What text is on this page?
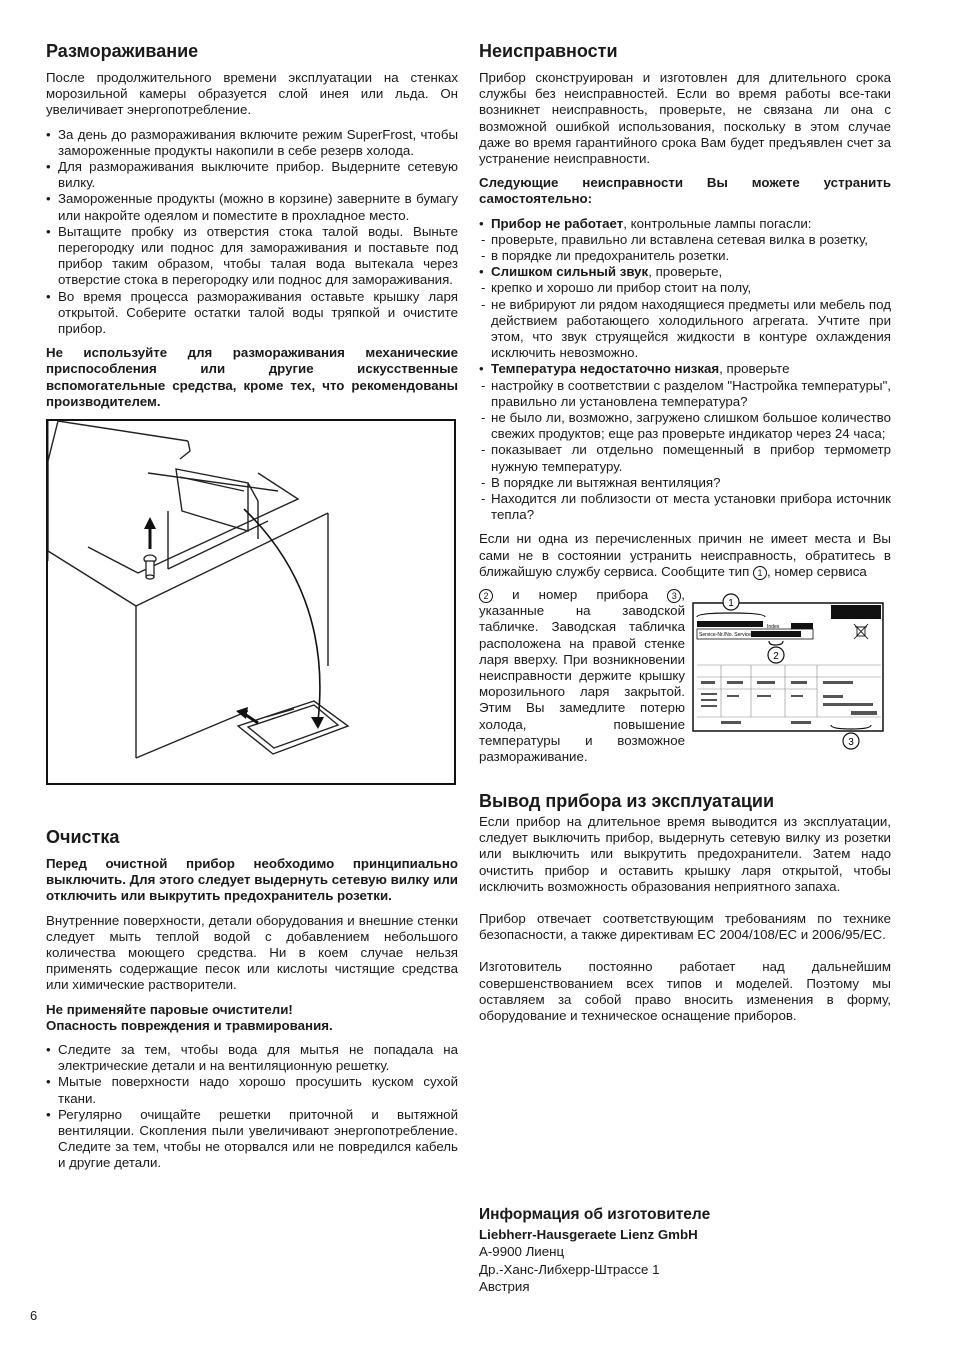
Размораживание

После продолжительного времени эксплуатации на стенках морозильной камеры образуется слой инея или льда. Он увеличивает энергопотребление.

• За день до размораживания включите режим SuperFrost, чтобы замороженные продукты накопили в себе резерв холода.
• Для размораживания выключите прибор. Выдерните сетевую вилку.
• Замороженные продукты (можно в корзине) заверните в бумагу или накройте одеялом и поместите в прохладное место.
• Вытащите пробку из отверстия стока талой воды. Выньте перегородку или поднос для замораживания и поставьте под прибор таким образом, чтобы талая вода вытекала через отверстие стока в перегородку или поднос для замораживания.
• Во время процесса размораживания оставьте крышку ларя открытой. Соберите остатки талой воды тряпкой и очистите прибор.

Не используйте для размораживания механические приспособления или другие искусственные вспомогательные средства, кроме тех, что рекомендованы производителем.

Очистка

Перед очистной прибор необходимо принципиально выключить. Для этого следует выдернуть сетевую вилку или отключить или выкрутить предохранитель розетки.

Внутренние поверхности, детали оборудования и внешние стенки следует мыть теплой водой с добавлением небольшого количества моющего средства. Ни в коем случае нельзя применять содержащие песок или кислоты чистящие средства или химические растворители.

Не применяйте паровые очистители!
Опасность повреждения и травмирования.

• Следите за тем, чтобы вода для мытья не попадала на электрические детали и на вентиляционную решетку.
• Мытые поверхности надо хорошо просушить куском сухой ткани.
• Регулярно очищайте решетки приточной и вытяжной вентиляции. Скопления пыли увеличивают энергопотребление. Следите за тем, чтобы не оторвался или не повредился кабель и другие детали.
Неисправности

Прибор сконструирован и изготовлен для длительного срока службы без неисправностей. Если во время работы все-таки возникнет неисправность, проверьте, не связана ли она с возможной ошибкой использования, поскольку в этом случае даже во время гарантийного срока Вам будет предъявлен счет за устранение неисправности.

Следующие неисправности Вы можете устранить самостоятельно:

• Прибор не работает, контрольные лампы погасли:
- проверьте, правильно ли вставлена сетевая вилка в розетку,
- в порядке ли предохранитель розетки.
• Слишком сильный звук, проверьте,
- крепко и хорошо ли прибор стоит на полу,
- не вибрируют ли рядом находящиеся предметы или мебель под действием работающего холодильного агрегата. Учтите при этом, что звук струящейся жидкости в контуре охлаждения исключить невозможно.
• Температура недостаточно низкая, проверьте
- настройку в соответствии с разделом "Настройка температуры", правильно ли установлена температура?
- не было ли, возможно, загружено слишком большое количество свежих продуктов; еще раз проверьте индикатор через 24 часа;
- показывает ли отдельно помещенный в прибор термометр нужную температуру.
- В порядке ли вытяжная вентиляция?
- Находится ли поблизости от места установки прибора источник тепла?

Если ни одна из перечисленных причин не имеет места и Вы сами не в состоянии устранить неисправность, обратитесь в ближайшую службу сервиса. Сообщите тип 1 , номер сервиса

2 и номер прибора	3 , указанные на заводской табличке. Заводская табличка расположена на правой стенке ларя вверху. При возникновении неисправности держите крышку морозильного ларя закрытой. Этим Вы замедлите потерю холода, повышение температуры и возможное размораживание.
Index
Service-Nr./No. Service
1
2
3
Вывод прибора из эксплуатации

Если прибор на длительное время выводится из эксплуатации, следует выключить прибор, выдернуть сетевую вилку из розетки или выключить или выкрутить предохранители. Затем надо очистить прибор и оставить крышку ларя открытой, чтобы исключить возможность образования неприятного запаха.

Прибор отвечает соответствующим требованиям по технике безопасности, а также директивам ЕС 2004/108/ЕС и 2006/95/ЕС.

Изготовитель постоянно работает над дальнейшим совершенствованием всех типов и моделей. Поэтому мы оставляем за собой право вносить изменения в форму, оборудование и техническое оснащение приборов.

Информация об изготовителе
Liebherr-Hausgeraete Lienz GmbH
A-9900 Лиенц
Др.-Ханс-Либхерр-Штрассе 1
Австрия
6
